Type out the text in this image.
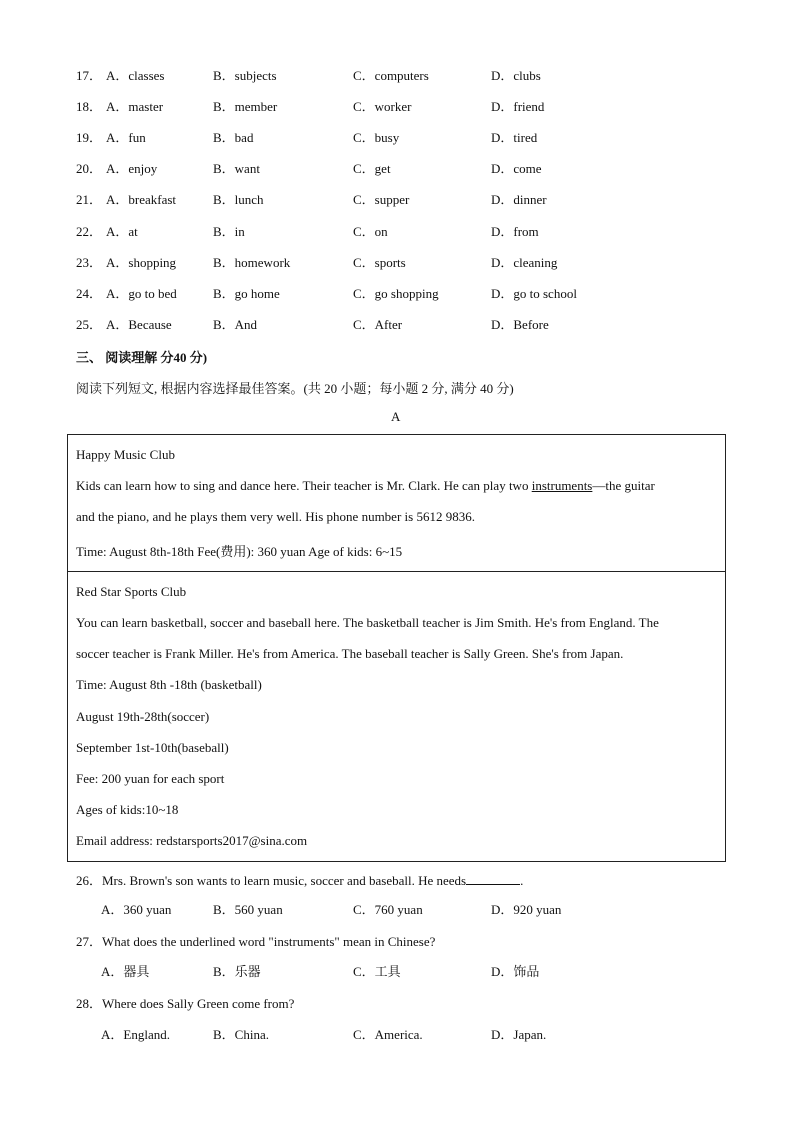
17． A．classes	B．subjects	C．computers	D．clubs
18． A．master	B．member	C．worker	D．friend
19． A．fun	B．bad	C．busy	D．tired
20． A．enjoy	B．want	C．get	D．come
21． A．breakfast	B．lunch	C．supper	D．dinner
22． A．at	B．in	C．on	D．from
23． A．shopping	B．homework	C．sports	D．cleaning
24． A．go to bed	B．go home	C．go shopping	D．go to school
25． A．Because	B．And	C．After	D．Before
三、 阅读理解 分40 分)
阅读下列短文, 根据内容选择最佳答案。(共 20 小题；每小题 2 分, 满分 40 分)
A
Happy Music Club
Kids can learn how to sing and dance here. Their teacher is Mr. Clark. He can play two instruments—the guitar
and the piano, and he plays them very well. His phone number is 5612 9836.
Time: August 8th-18th Fee(费用): 360 yuan Age of kids: 6~15
Red Star Sports Club
You can learn basketball, soccer and baseball here. The basketball teacher is Jim Smith. He's from England. The
soccer teacher is Frank Miller. He's from America. The baseball teacher is Sally Green. She's from Japan.
Time: August 8th -18th (basketball)
August 19th-28th(soccer)
September 1st-10th(baseball)
Fee: 200 yuan for each sport
Ages of kids:10~18
Email address: redstarsports2017@sina.com
26．Mrs. Brown's son wants to learn music, soccer and baseball. He needs	.
A．360 yuan	B．560 yuan	C．760 yuan	D．920 yuan
27．What does the underlined word "instruments" mean in Chinese?
A．器具	B．乐器	C．工具	D．饰品
28．Where does Sally Green come from?
A．England.	B．China.	C．America.	D．Japan.
